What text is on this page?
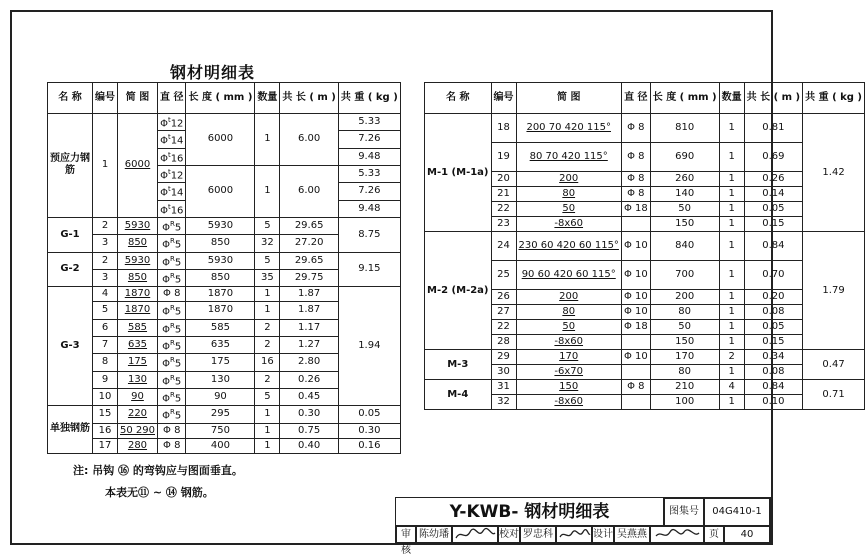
钢材明细表
名 称	编号	简 图	直 径	长 度 ( mm )	数量	共 长 ( m )	共 重 ( kg )
预应力钢筋	1	6000	$\Phi^t12$	6000	1	6.00	5.33
			$\Phi^t14$				7.26
			$\Phi^t16$				9.48
			$\Phi^t12$	6000	1	6.00	5.33
			$\Phi^t14$				7.26
			$\Phi^t16$				9.48
G-1	2	5930	$\Phi^R5$	5930	5	29.65	8.75
	3	850	$\Phi^R5$	850	32	27.20	
G-2	2	5930	$\Phi^R5$	5930	5	29.65	9.15
	3	850	$\Phi^R5$	850	35	29.75	
G-3	4	1870	Φ 8	1870	1	1.87	1.94
	5	1870	$\Phi^R5$	1870	1	1.87	
	6	585	$\Phi^R5$	585	2	1.17	
	7	635	$\Phi^R5$	635	2	1.27	
	8	175	$\Phi^R5$	175	16	2.80	
	9	130	$\Phi^R5$	130	2	0.26	
	10	90	$\Phi^R5$	90	5	0.45	
单独钢筋	15	220	$\Phi^R5$	295	1	0.30	0.05
	16	50 290	Φ 8	750	1	0.75	0.30
	17	280	Φ 8	400	1	0.40	0.16
名 称	编号	简 图	直 径	长 度 ( mm )	数量	共 长 ( m )	共 重 ( kg )
M-1 (M-1a)	18	200 70 420 115°	Φ 8	810	1	0.81	1.42
	19	80 70 420 115°	Φ 8	690	1	0.69	
	20	200	Φ 8	260	1	0.26	
	21	80	Φ 8	140	1	0.14	
	22	50	Φ 18	50	1	0.05	
	23	-8x60		150	1	0.15	
M-2 (M-2a)	24	230 60 420 60 115°	Φ 10	840	1	0.84	1.79
	25	90 60 420 60 115°	Φ 10	700	1	0.70	
	26	200	Φ 10	200	1	0.20	
	27	80	Φ 10	80	1	0.08	
	22	50	Φ 18	50	1	0.05	
	28	-8x60		150	1	0.15	
M-3	29	170	Φ 10	170	2	0.34	0.47
	30	-6x70		80	1	0.08	
M-4	31	150	Φ 8	210	4	0.84	0.71
	32	-8x60		100	1	0.10	
注: 吊钩 ⑯ 的弯钩应与图面垂直。
本表无⑪ ~ ⑭ 钢筋。
Y-KWB- 钢材明细表	图集号	04G410-1
审核
陈幼璠	校对 罗忠科	设计 吴燕燕	页	40
